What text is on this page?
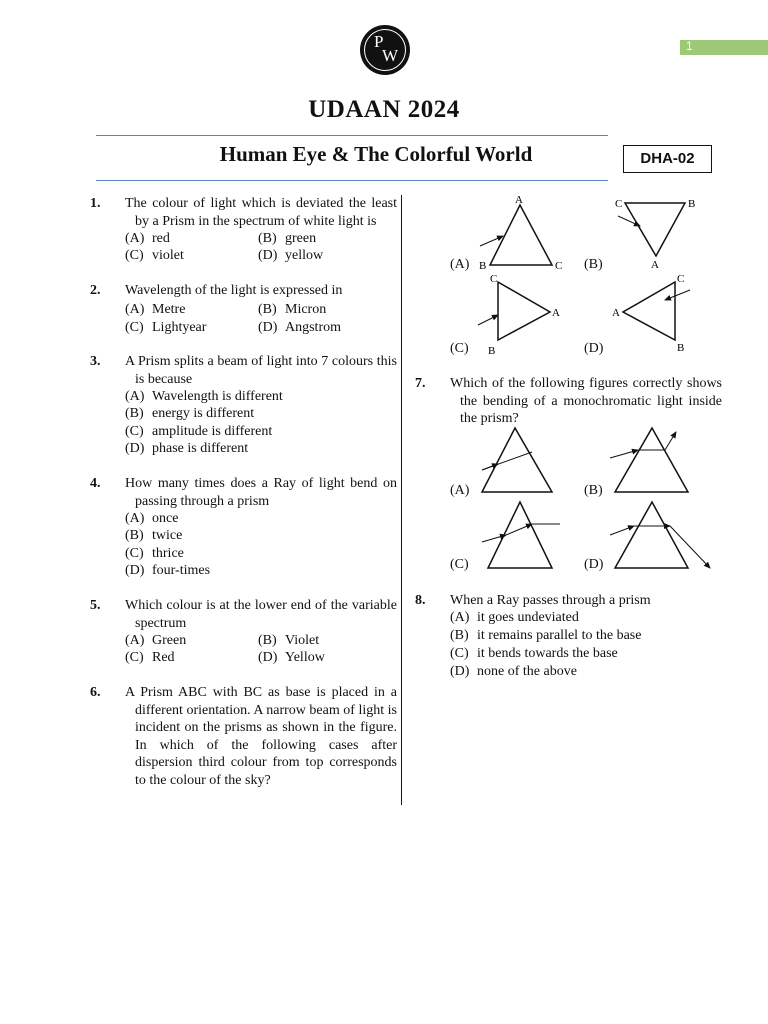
P
W	1
UDAAN 2024
Human Eye & The Colorful World	DHA-02
1. The colour of light which is deviated the least by a Prism in the spectrum of white light is
(A) red	(B) green
(C) violet	(D) yellow
2. Wavelength of the light is expressed in
(A) Metre	(B) Micron
(C) Lightyear	(D) Angstrom
3. A Prism splits a beam of light into 7 colours this is because
(A) Wavelength is different
(B) energy is different
(C) amplitude is different
(D) phase is different
4. How many times does a Ray of light bend on passing through a prism
(A) once
(B) twice
(C) thrice
(D) four-times
5. Which colour is at the lower end of the variable spectrum
(A) Green	(B) Violet
(C) Red	(D) Yellow
6. A Prism ABC with BC as base is placed in a different orientation. A narrow beam of light is incident on the prisms as shown in the figure. In which of the following cases after dispersion third colour from top corresponds to the colour of the sky?
(A)	(B)
(C)	(D)
A
B	C
C	B
A
C
A
B
C
A
B
7. Which of the following figures correctly shows the bending of a monochromatic light inside the prism?
(A)	(B)
(C)	(D)
8. When a Ray passes through a prism
(A) it goes undeviated
(B) it remains parallel to the base
(C) it bends towards the base
(D) none of the above
